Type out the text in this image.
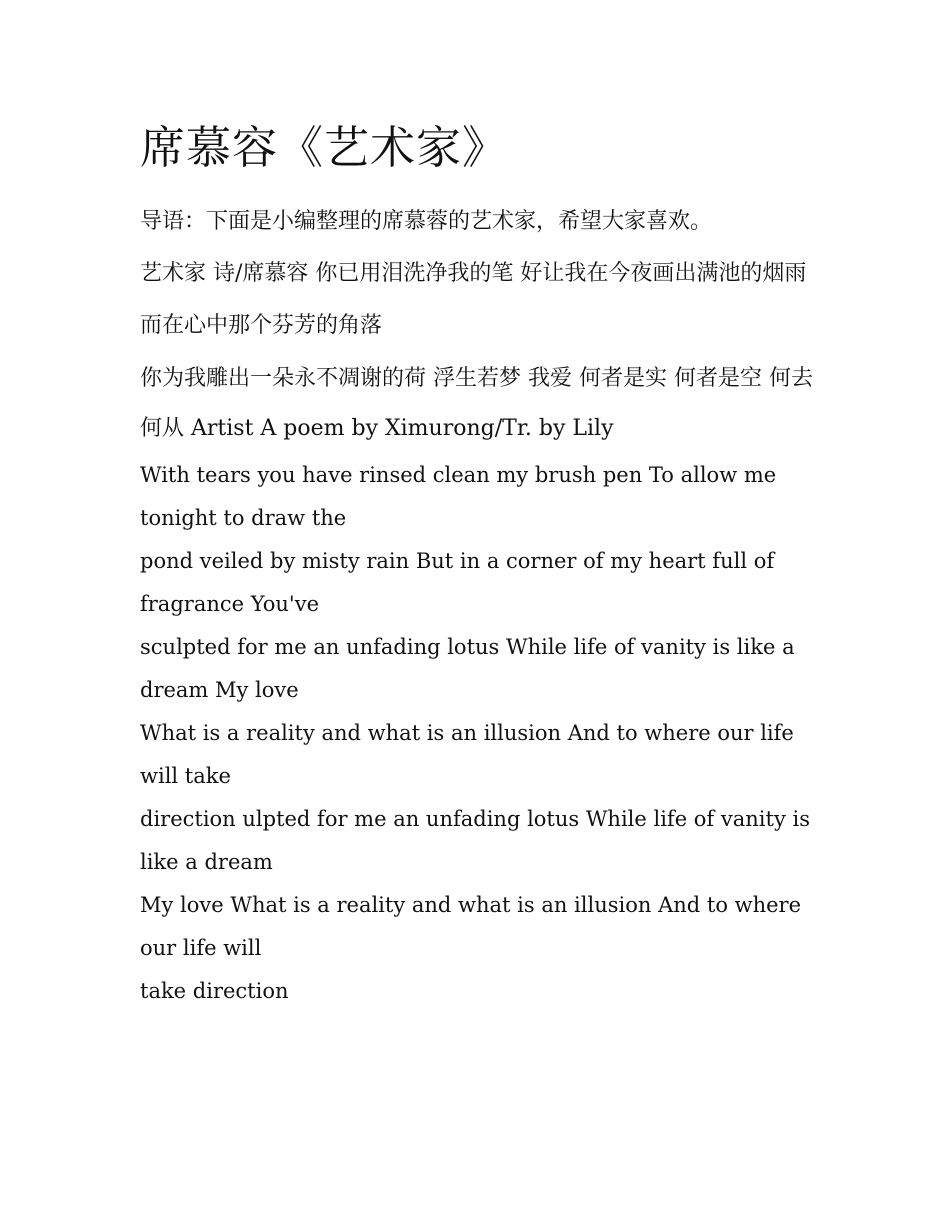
席慕容《艺术家》

导语：下面是小编整理的席慕蓉的艺术家，希望大家喜欢。

艺术家 诗/席慕容 你已用泪洗净我的笔 好让我在今夜画出满池的烟雨 而在心中那个芬芳的角落

你为我雕出一朵永不凋谢的荷 浮生若梦 我爱 何者是实 何者是空 何去何从 Artist A poem by Ximurong/Tr. by Lily

With tears you have rinsed clean my brush pen To allow me tonight to draw the

pond veiled by misty rain But in a corner of my heart full of fragrance You've

sculpted for me an unfading lotus While life of vanity is like a dream My love

What is a reality and what is an illusion And to where our life will take

direction ulpted for me an unfading lotus While life of vanity is like a dream

My love What is a reality and what is an illusion And to where our life will

take direction
